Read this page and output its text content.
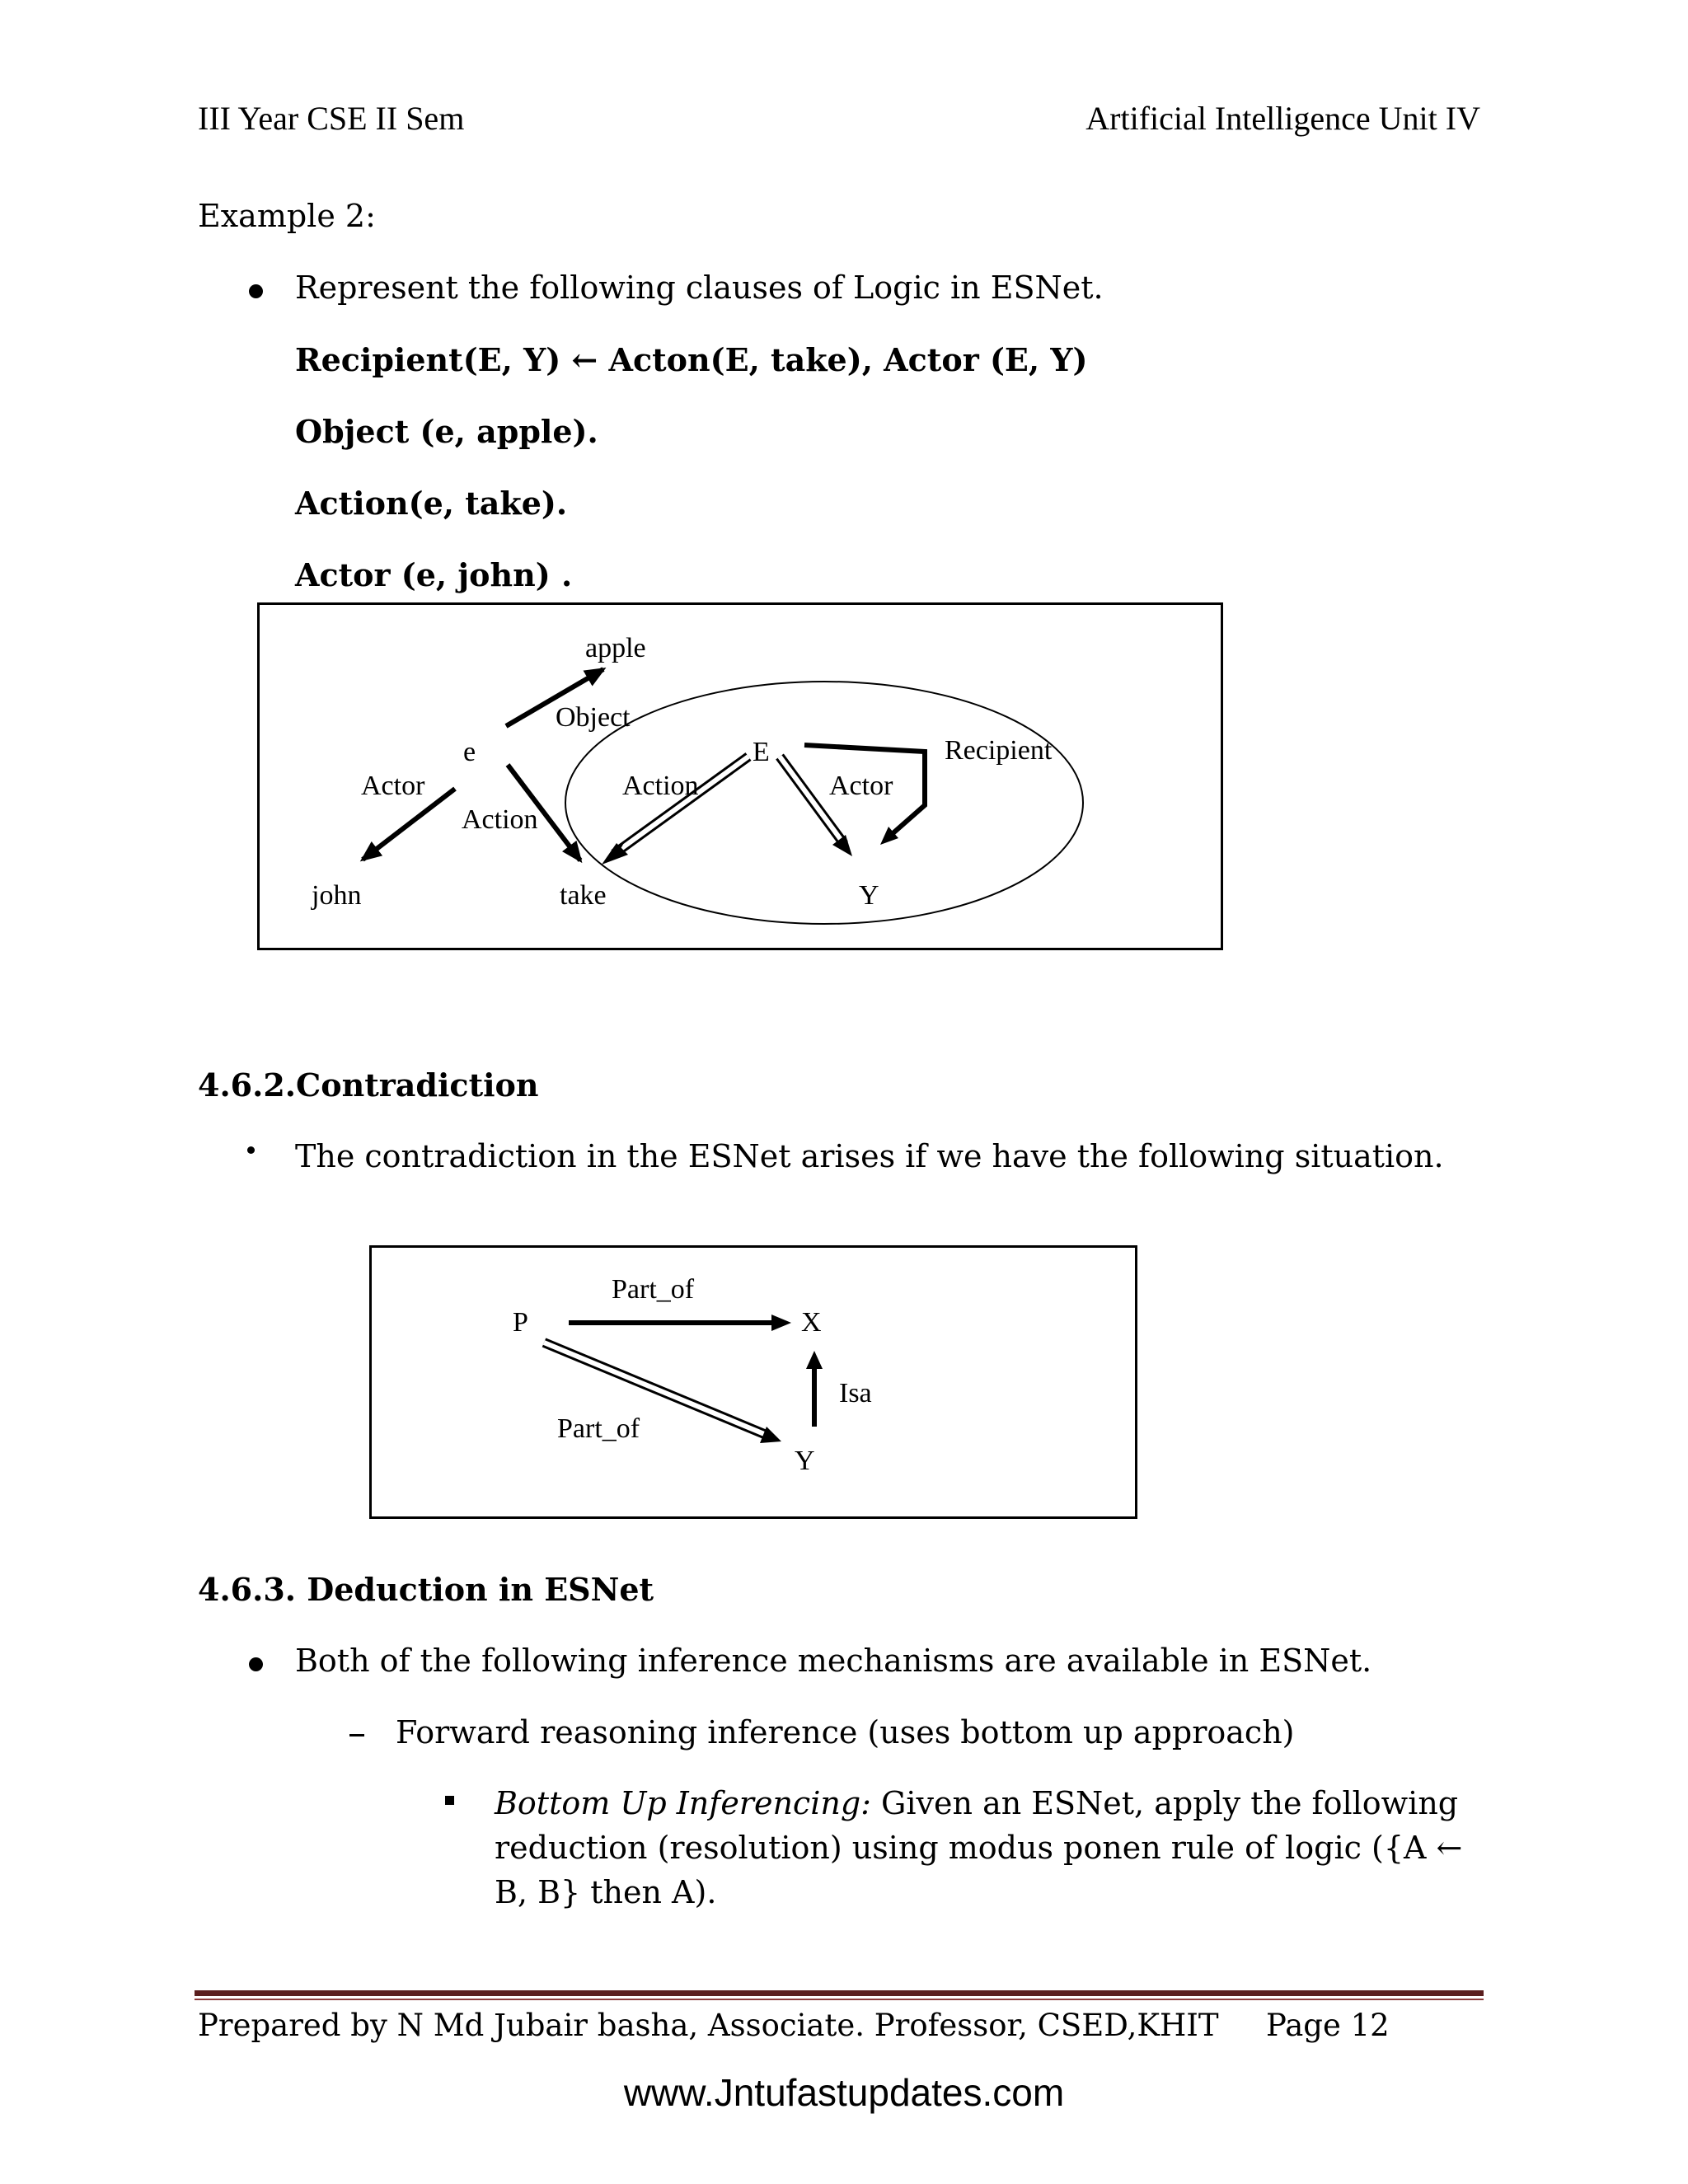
III Year CSE II Sem	Artificial Intelligence Unit IV
Example 2:
Represent the following clauses of Logic in ESNet.
Recipient(E, Y) ← Acton(E, take), Actor (E, Y)
Object (e, apple).
Action(e, take).
Actor (e, john) .
apple
e	E
john	take	Y
Object
Actor
Action
Action	Actor
Recipient
4.6.2.Contradiction
The contradiction in the ESNet arises if we have the following situation.
P	X
Y
Part_of
Part_of
Isa
4.6.3. Deduction in ESNet
Both of the following inference mechanisms are available in ESNet.
Forward reasoning inference (uses bottom up approach)
Bottom Up Inferencing: Given an ESNet, apply the following
reduction (resolution) using modus ponen rule of logic ({A ←
B, B} then A).
Prepared by N Md Jubair basha, Associate. Professor, CSED,KHIT Page 12
www.Jntufastupdates.com
